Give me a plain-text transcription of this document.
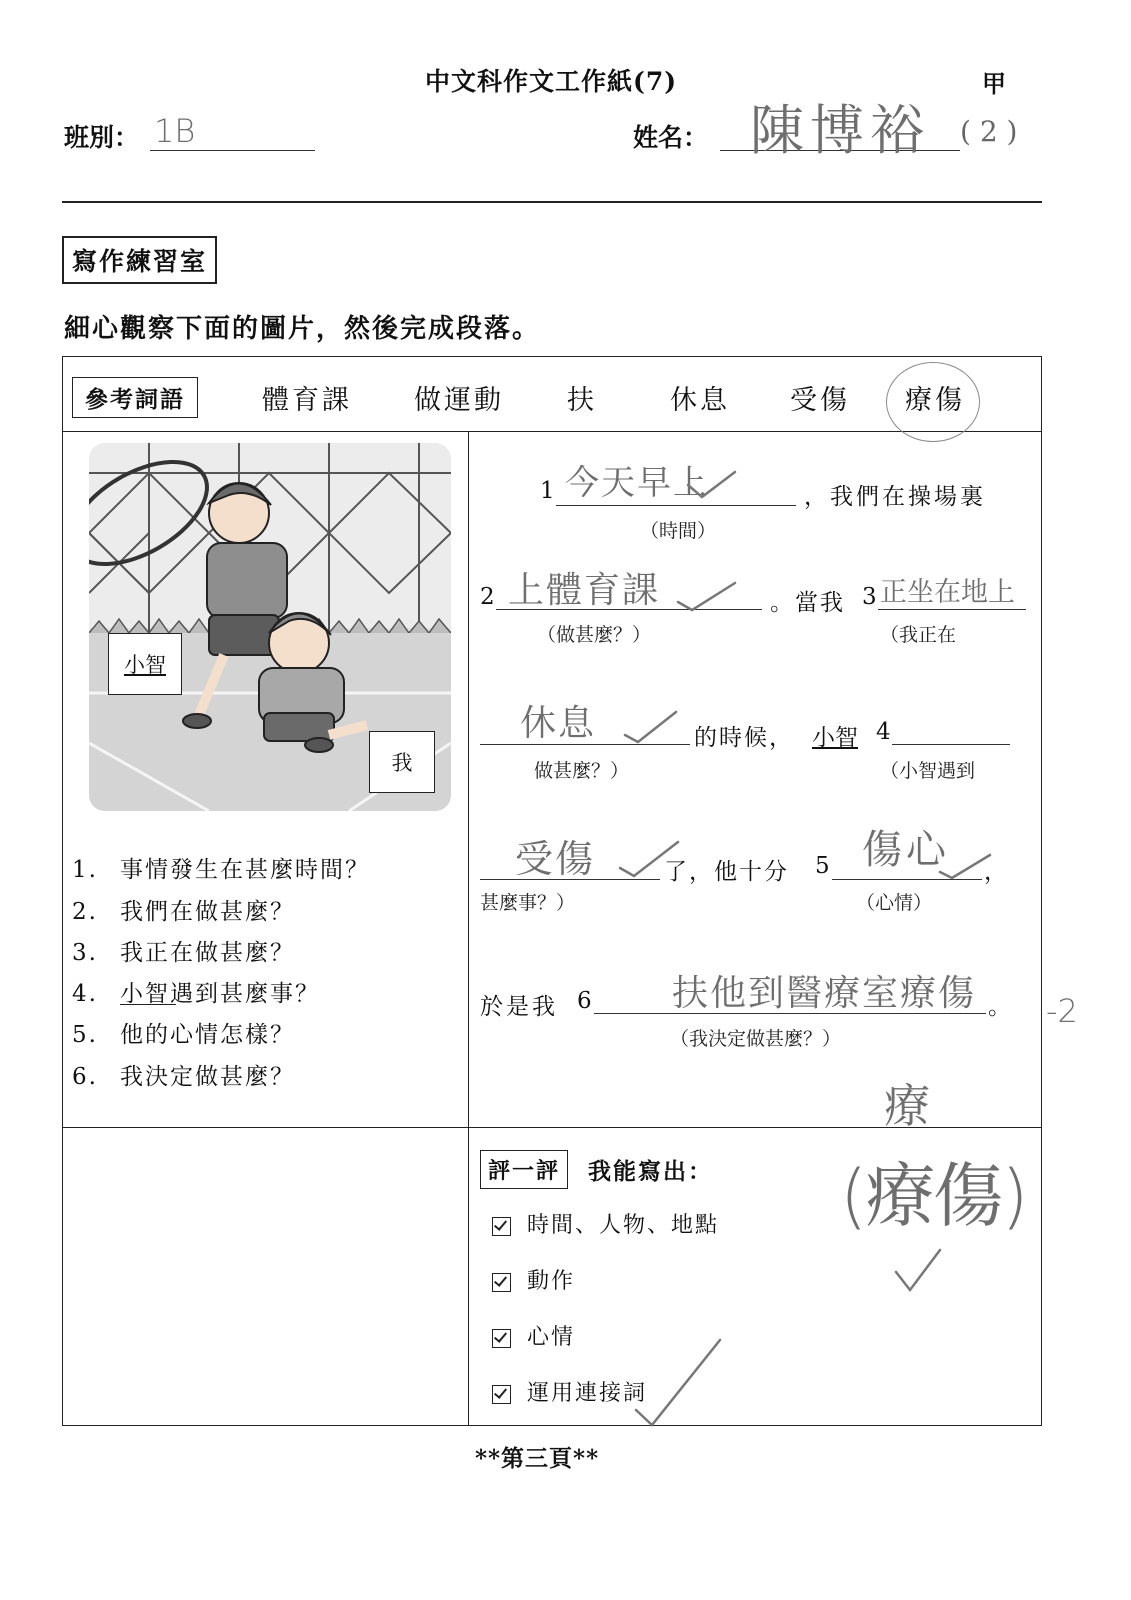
中文科作文工作紙(7)	甲
班別： 1B	姓名： 陳博裕 ( 2 )
寫作練習室
細心觀察下面的圖片，然後完成段落。
參考詞語	體育課 做運動 扶	休息 受傷 療傷
小智
我
1. 事情發生在甚麼時間？
2. 我們在做甚麼？
3. 我正在做甚麼？
4. 小智遇到甚麼事？
5. 他的心情怎樣？
6. 我決定做甚麼？
1 今天早上	，我們在操場裏
（時間）
2 上體育課	。當我
（做甚麼？）
3 正坐在地上
（我正在
休息	的時候， 小智 4
做甚麼？）	（小智遇到
受傷	了，他十分 5 傷心 ，
甚麼事？）	（心情）
於是我 6 扶他到醫療室療傷 。
（我決定做甚麼？）
-2
療
(療傷)
評一評	我能寫出：
時間、人物、地點
動作
心情
運用連接詞
**第三頁**
